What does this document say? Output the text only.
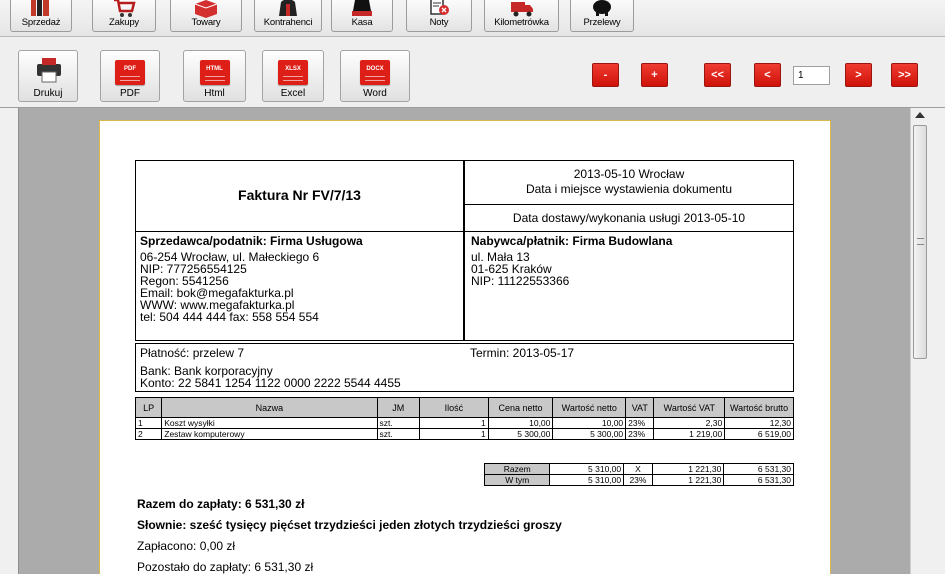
Sprzedaż	Zakupy	Towary	Kontrahenci	Kasa	Noty	Kilometrówka	Przelewy
Drukuj
PDF
PDF
HTML
Html
XLSX
Excel
DOCX
Word
-	+	<<	<
1	>	>>
Faktura Nr FV/7/13
2013-05-10 Wrocław
Data i miejsce wystawienia dokumentu
Data dostawy/wykonania usługi 2013-05-10
Sprzedawca/podatnik: Firma Usługowa
06-254 Wrocław, ul. Małeckiego 6
NIP: 777256554125
Regon: 5541256
Email: bok@megafakturka.pl
WWW: www.megafakturka.pl
tel: 504 444 444 fax: 558 554 554
Nabywca/płatnik: Firma Budowlana
ul. Mała 13
01-625 Kraków
NIP: 11122553366
Płatność: przelew 7	Termin: 2013-05-17
Bank: Bank korporacyjny
Konto: 22 5841 1254 1122 0000 2222 5544 4455
LP	Nazwa	JM	Ilość	Cena netto	Wartość netto	VAT	Wartość VAT	Wartość brutto
1	Koszt wysyłki	szt.	1	10,00	10,00	23%	2,30	12,30
2	Zestaw komputerowy	szt.	1	5 300,00	5 300,00	23%	1 219,00	6 519,00
Razem	5 310,00	X	1 221,30	6 531,30
W tym	5 310,00	23%	1 221,30	6 531,30
Razem do zapłaty: 6 531,30 zł
Słownie: sześć tysięcy pięćset trzydzieści jeden złotych trzydzieści groszy
Zapłacono: 0,00 zł
Pozostało do zapłaty: 6 531,30 zł
